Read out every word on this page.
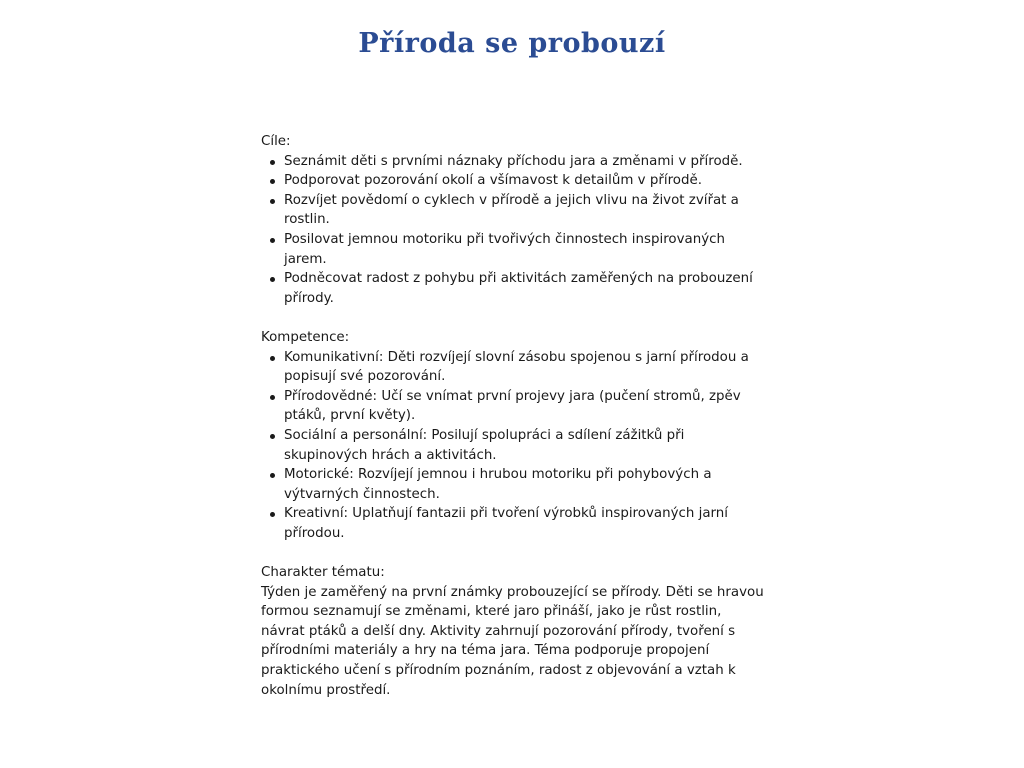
Příroda se probouzí

Cíle:

Seznámit děti s prvními náznaky příchodu jara a změnami v přírodě.
Podporovat pozorování okolí a všímavost k detailům v přírodě.
Rozvíjet povědomí o cyklech v přírodě a jejich vlivu na život zvířat a rostlin.
Posilovat jemnou motoriku při tvořivých činnostech inspirovaných jarem.
Podněcovat radost z pohybu při aktivitách zaměřených na probouzení přírody.

Kompetence:

Komunikativní: Děti rozvíjejí slovní zásobu spojenou s jarní přírodou a popisují své pozorování.
Přírodovědné: Učí se vnímat první projevy jara (pučení stromů, zpěv ptáků, první květy).
Sociální a personální: Posilují spolupráci a sdílení zážitků při skupinových hrách a aktivitách.
Motorické: Rozvíjejí jemnou i hrubou motoriku při pohybových a výtvarných činnostech.
Kreativní: Uplatňují fantazii při tvoření výrobků inspirovaných jarní přírodou.

Charakter tématu:

Týden je zaměřený na první známky probouzející se přírody. Děti se hravou formou seznamují se změnami, které jaro přináší, jako je růst rostlin, návrat ptáků a delší dny. Aktivity zahrnují pozorování přírody, tvoření s přírodními materiály a hry na téma jara. Téma podporuje propojení praktického učení s přírodním poznáním, radost z objevování a vztah k okolnímu prostředí.
